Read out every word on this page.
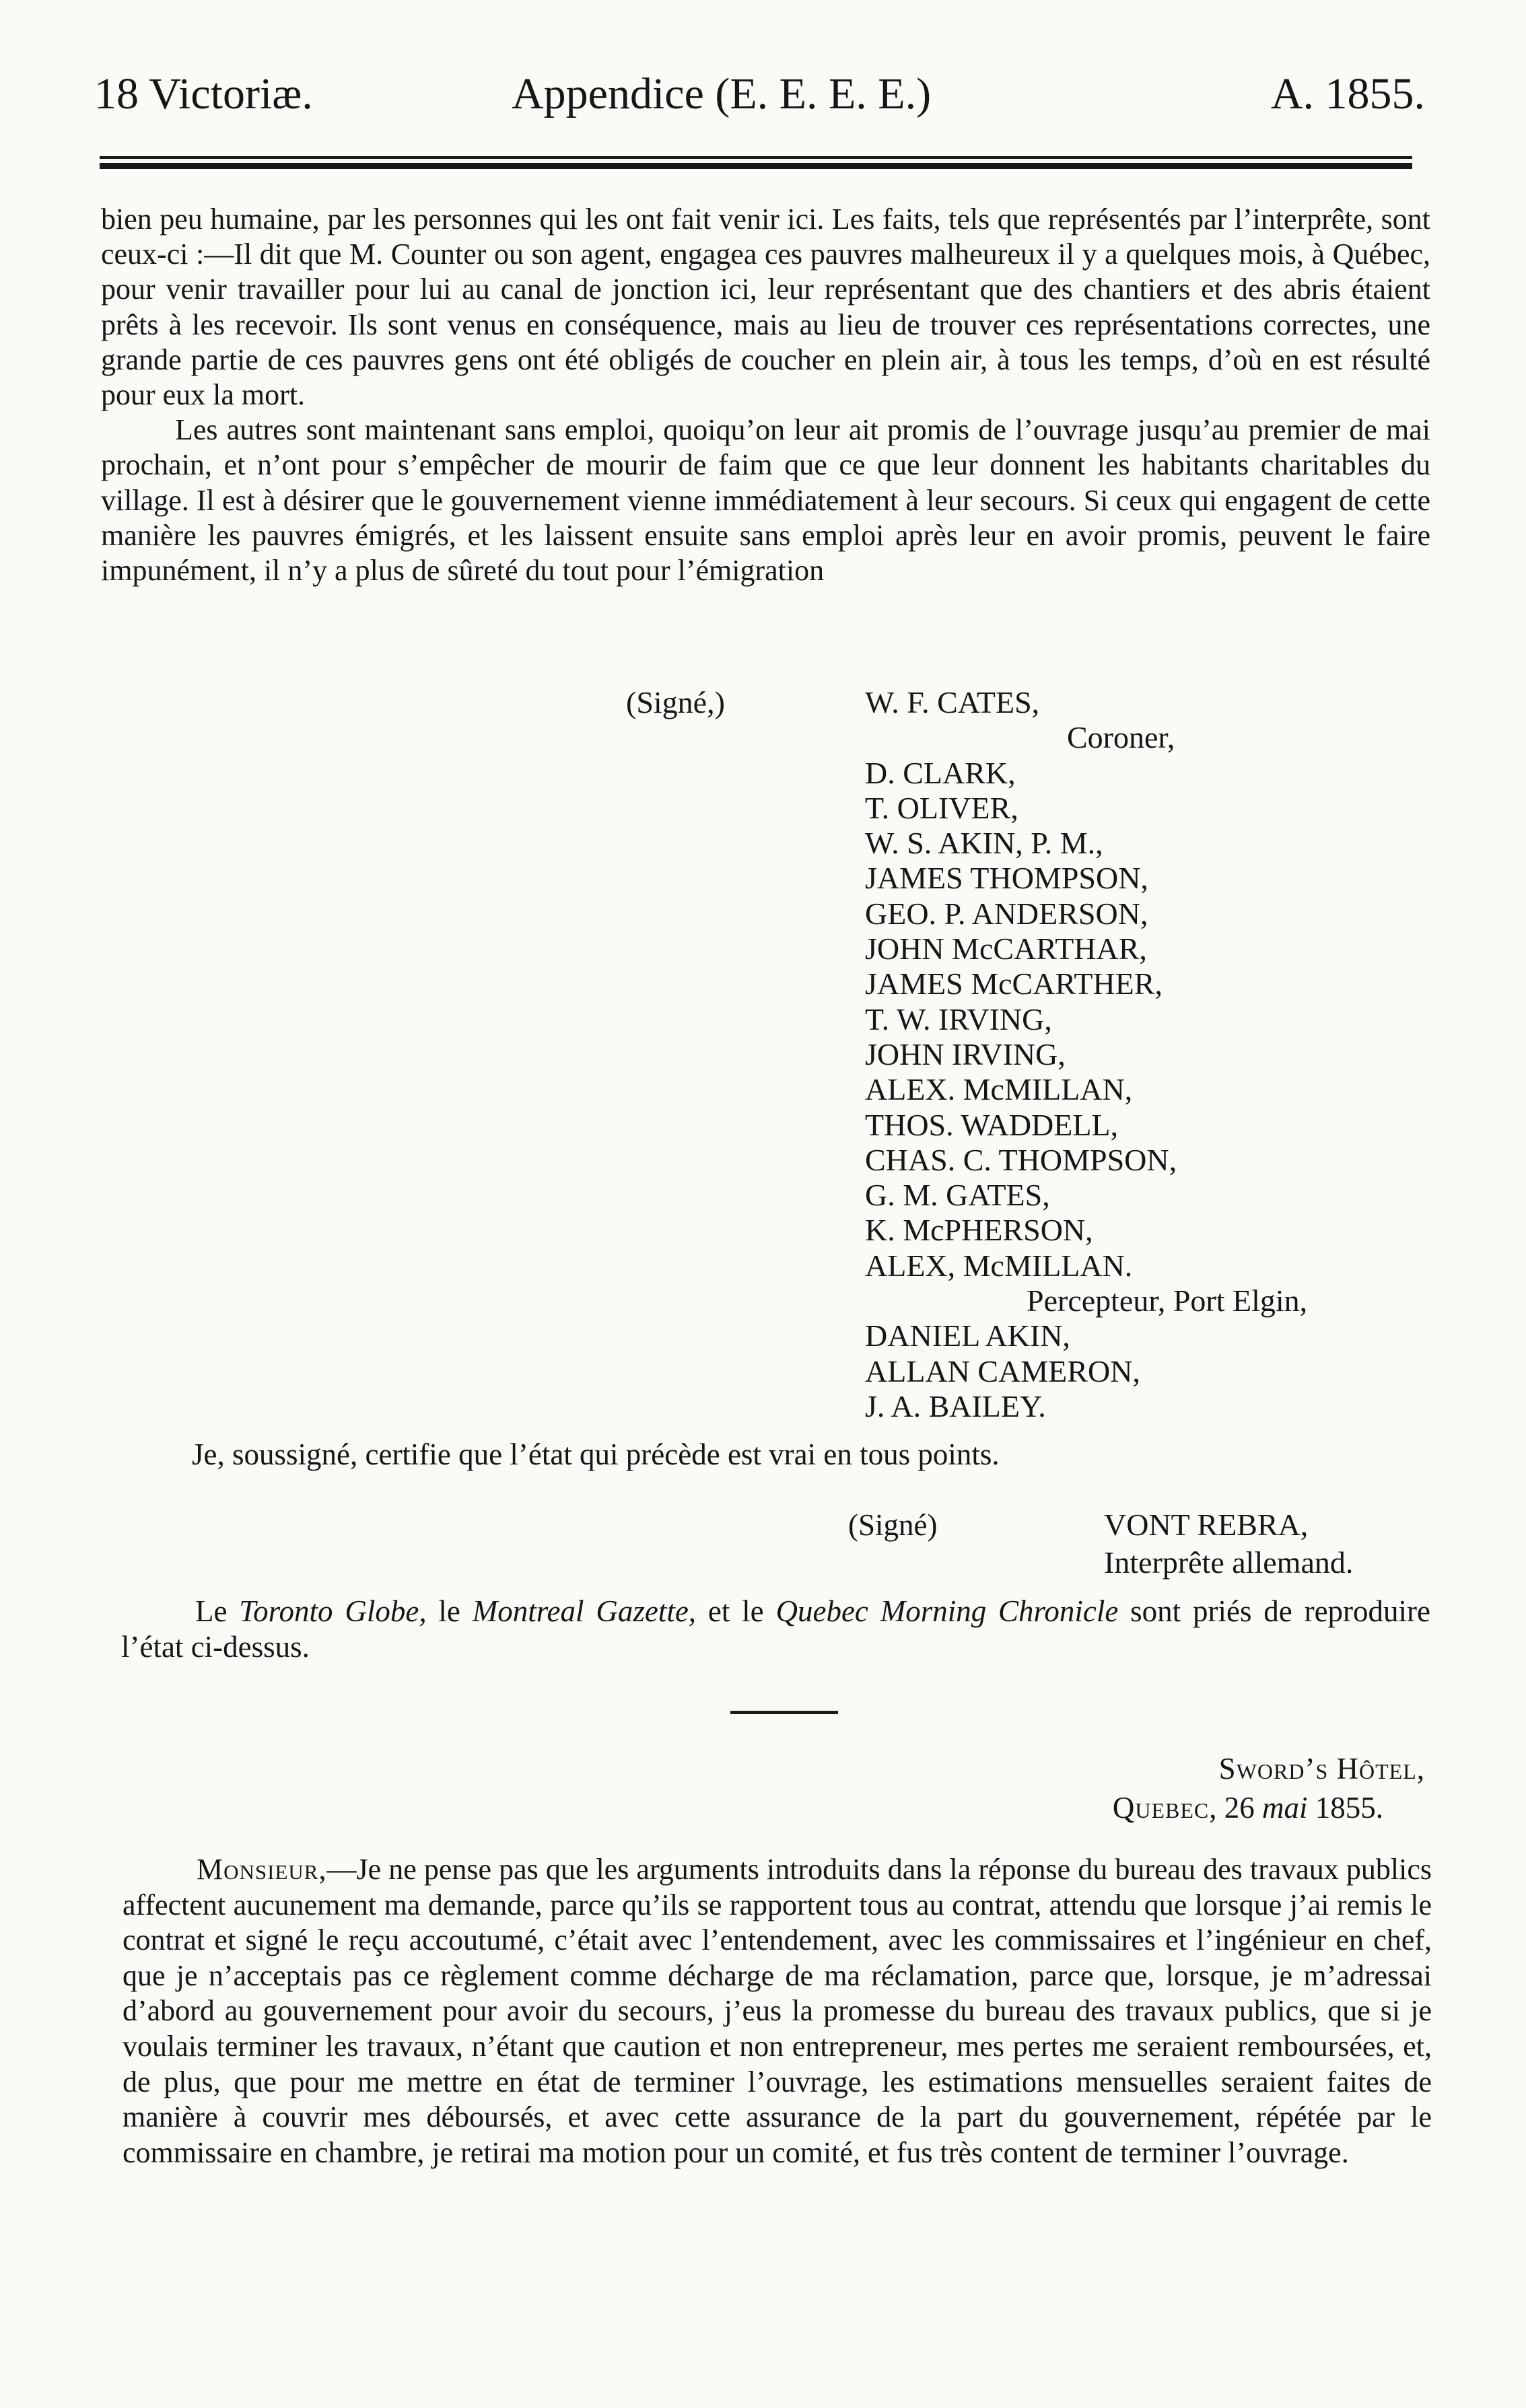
18 Victoriæ.	Appendice (E. E. E. E.)	A. 1855.

bien peu humaine, par les personnes qui les ont fait venir ici. Les faits, tels que représentés par l’interprête, sont ceux-ci :—Il dit que M. Counter ou son agent, engagea ces pauvres malheureux il y a quelques mois, à Québec, pour venir travailler pour lui au canal de jonction ici, leur représentant que des chantiers et des abris étaient prêts à les recevoir. Ils sont venus en conséquence, mais au lieu de trouver ces représentations correctes, une grande partie de ces pauvres gens ont été obligés de coucher en plein air, à tous les temps, d’où en est résulté pour eux la mort.

Les autres sont maintenant sans emploi, quoiqu’on leur ait promis de l’ouvrage jusqu’au premier de mai prochain, et n’ont pour s’empêcher de mourir de faim que ce que leur donnent les habitants charitables du village. Il est à désirer que le gouvernement vienne immédiatement à leur secours. Si ceux qui engagent de cette manière les pauvres émigrés, et les laissent ensuite sans emploi après leur en avoir promis, peuvent le faire impunément, il n’y a plus de sûreté du tout pour l’émigration

(Signé,)	W. F. CATES,
Coroner,
D. CLARK,
T. OLIVER,
W. S. AKIN, P. M.,
JAMES THOMPSON,
GEO. P. ANDERSON,
JOHN McCARTHAR,
JAMES McCARTHER,
T. W. IRVING,
JOHN IRVING,
ALEX. McMILLAN,
THOS. WADDELL,
CHAS. C. THOMPSON,
G. M. GATES,
K. McPHERSON,
ALEX, McMILLAN.
Percepteur, Port Elgin,
DANIEL AKIN,
ALLAN CAMERON,
J. A. BAILEY.
Je, soussigné, certifie que l’état qui précède est vrai en tous points.
(Signé)	VONT REBRA,
Interprête allemand.

Le Toronto Globe, le Montreal Gazette, et le Quebec Morning Chronicle sont priés de reproduire l’état ci-dessus.

Sword’s Hôtel,
Quebec, 26 mai 1855.

Monsieur,—Je ne pense pas que les arguments introduits dans la réponse du bureau des travaux publics affectent aucunement ma demande, parce qu’ils se rapportent tous au contrat, attendu que lorsque j’ai remis le contrat et signé le reçu accoutumé, c’était avec l’entendement, avec les commissaires et l’ingénieur en chef, que je n’acceptais pas ce règlement comme décharge de ma réclamation, parce que, lorsque, je m’adressai d’abord au gouvernement pour avoir du secours, j’eus la promesse du bureau des travaux publics, que si je voulais terminer les travaux, n’étant que caution et non entrepreneur, mes pertes me seraient remboursées, et, de plus, que pour me mettre en état de terminer l’ouvrage, les estimations mensuelles seraient faites de manière à couvrir mes déboursés, et avec cette assurance de la part du gouvernement, répétée par le commissaire en chambre, je retirai ma motion pour un comité, et fus très content de terminer l’ouvrage.
